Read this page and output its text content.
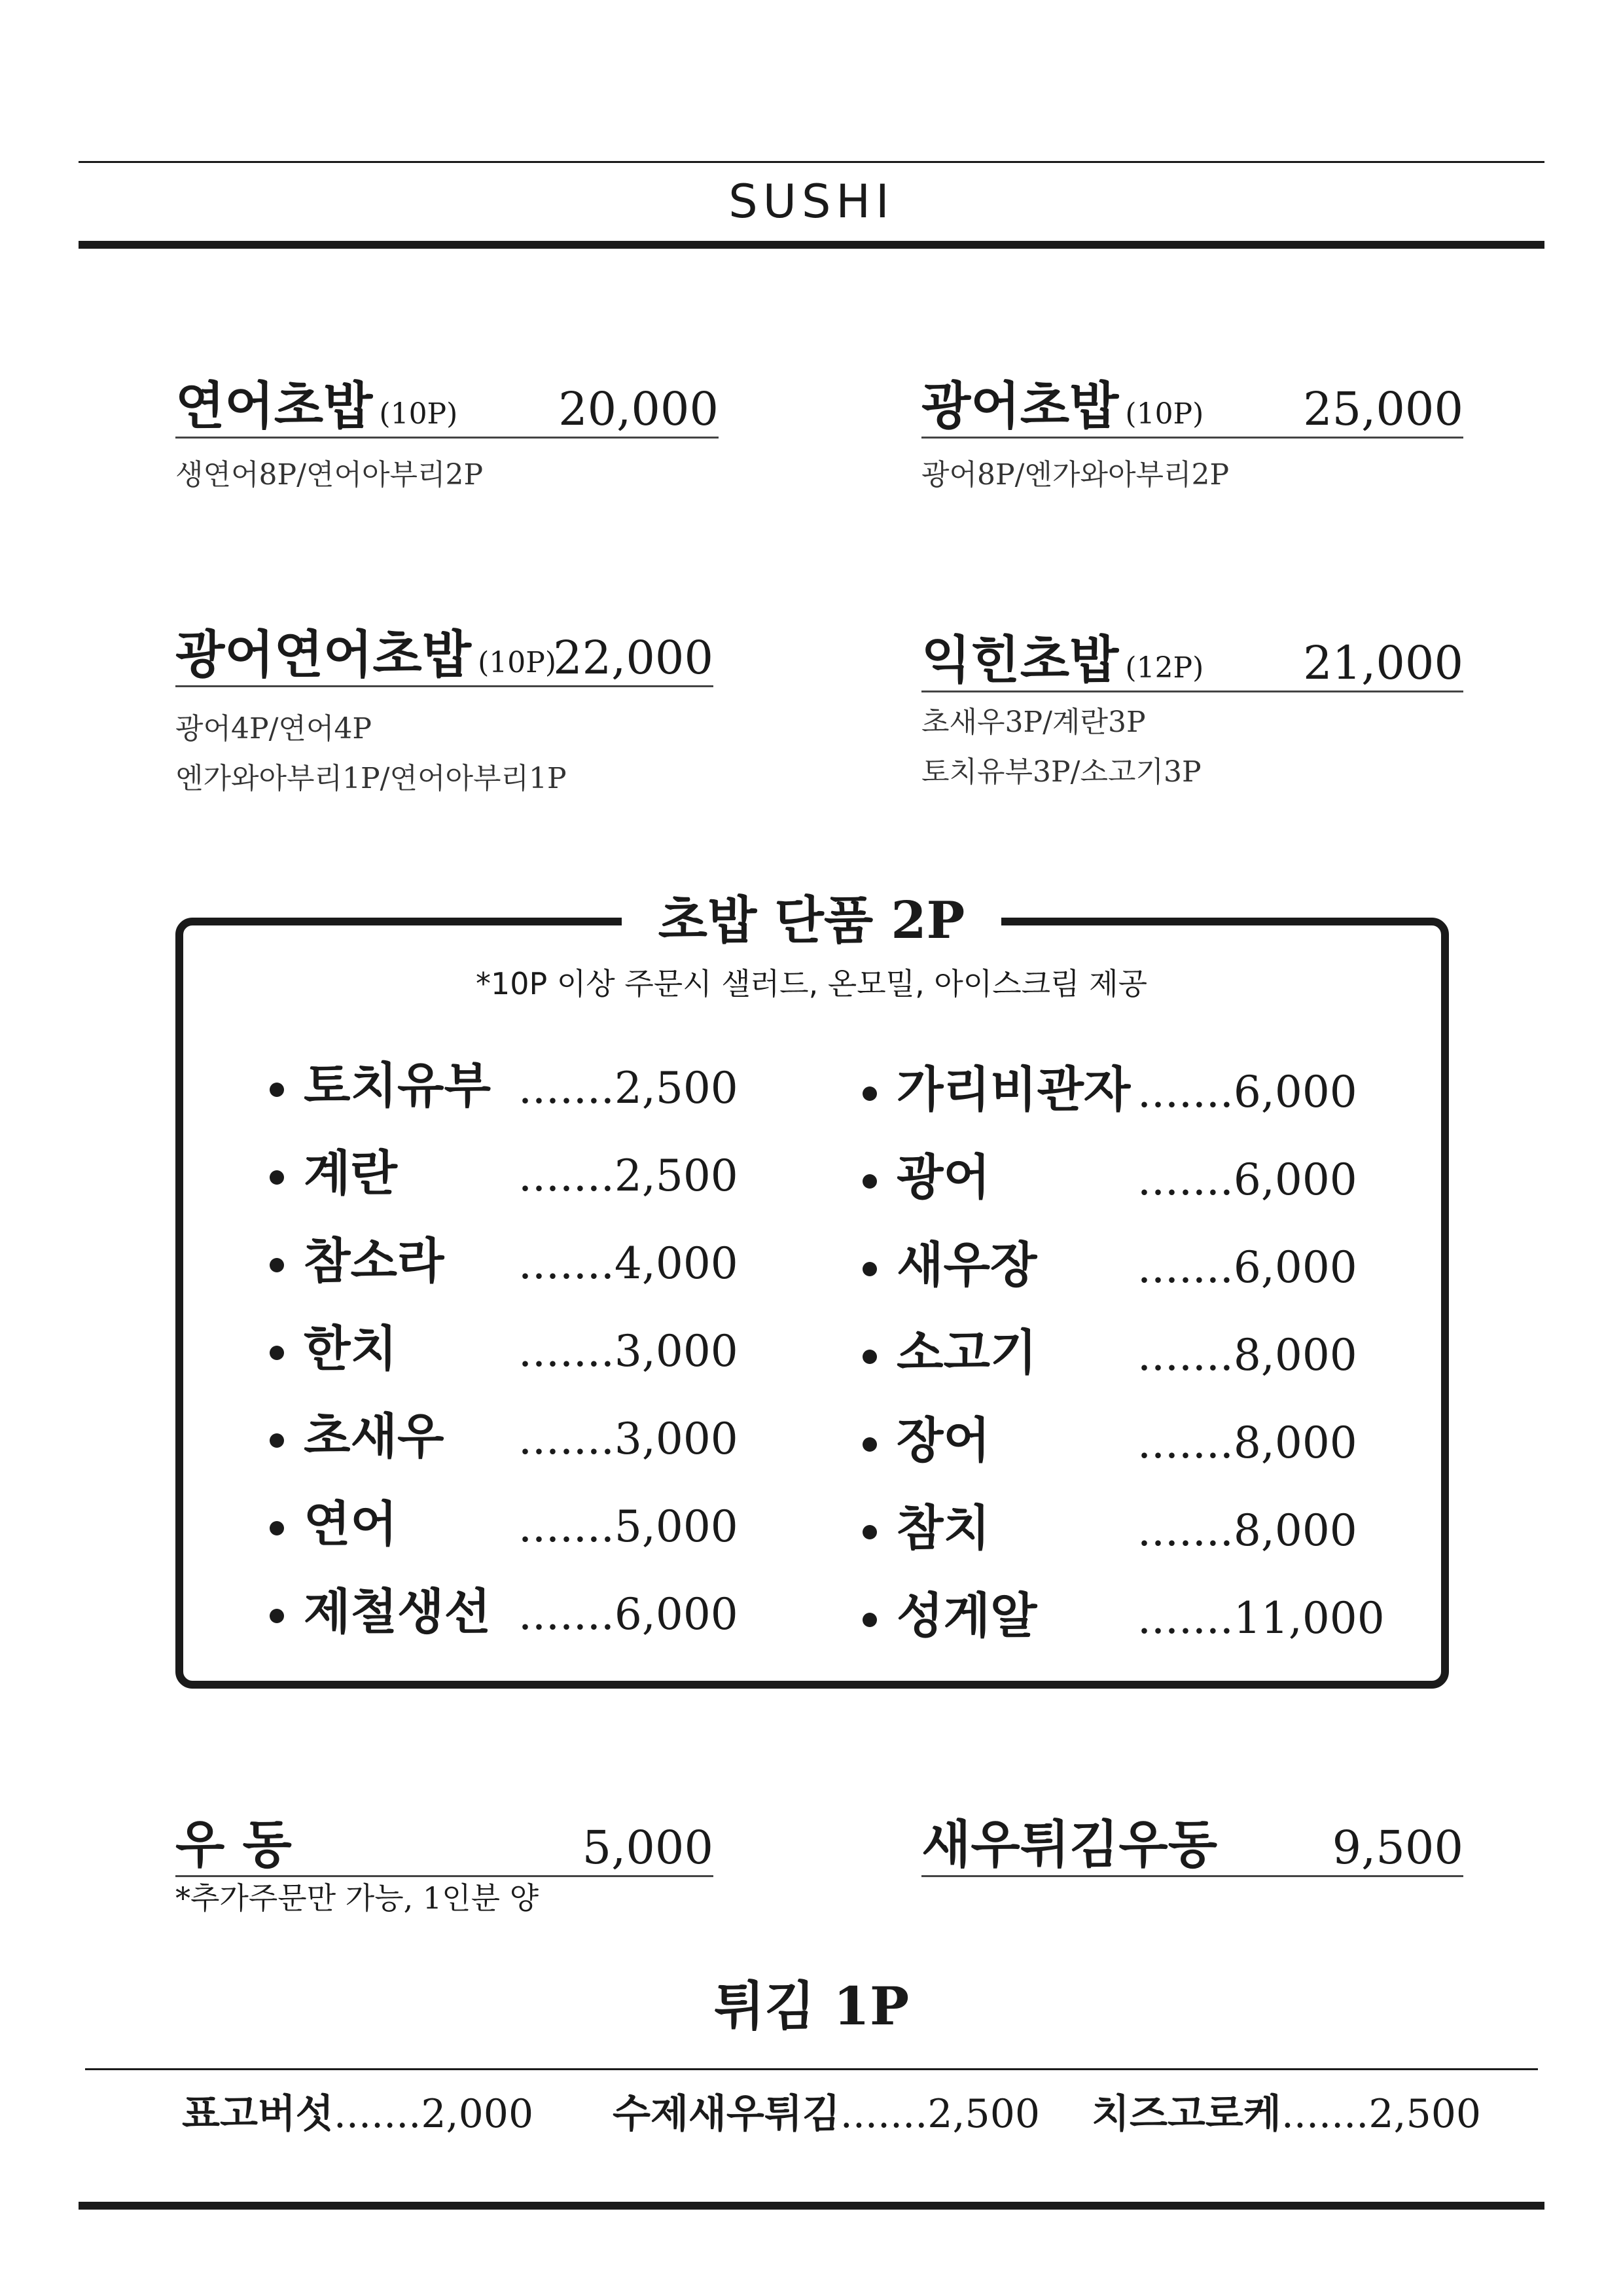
SUSHI
연어초밥 (10P) 20,000
생연어8P/연어아부리2P
광어초밥 (10P) 25,000
광어8P/엔가와아부리2P
광어연어초밥 (10P)
22,000
광어4P/연어4P
엔가와아부리1P/연어아부리1P
익힌초밥 (12P) 21,000
초새우3P/계란3P
토치유부3P/소고기3P
초밥 단품 2P
*10P 이상 주문시 샐러드, 온모밀, 아이스크림 제공
토치유부 .......2,500
계란	.......2,500
참소라 .......4,000
한치	.......3,000
초새우 .......3,000
연어	.......5,000
제철생선 .......6,000
가리비관자 .......6,000
광어	.......6,000
새우장 .......6,000
소고기 .......8,000
장어	.......8,000
참치	.......8,000
성게알 .......11,000
우 동	5,000	새우튀김우동	9,500
*추가주문만 가능, 1인분 양
튀김 1P
표고버섯.......2,000 수제새우튀김.......2,500 치즈고로케.......2,500
